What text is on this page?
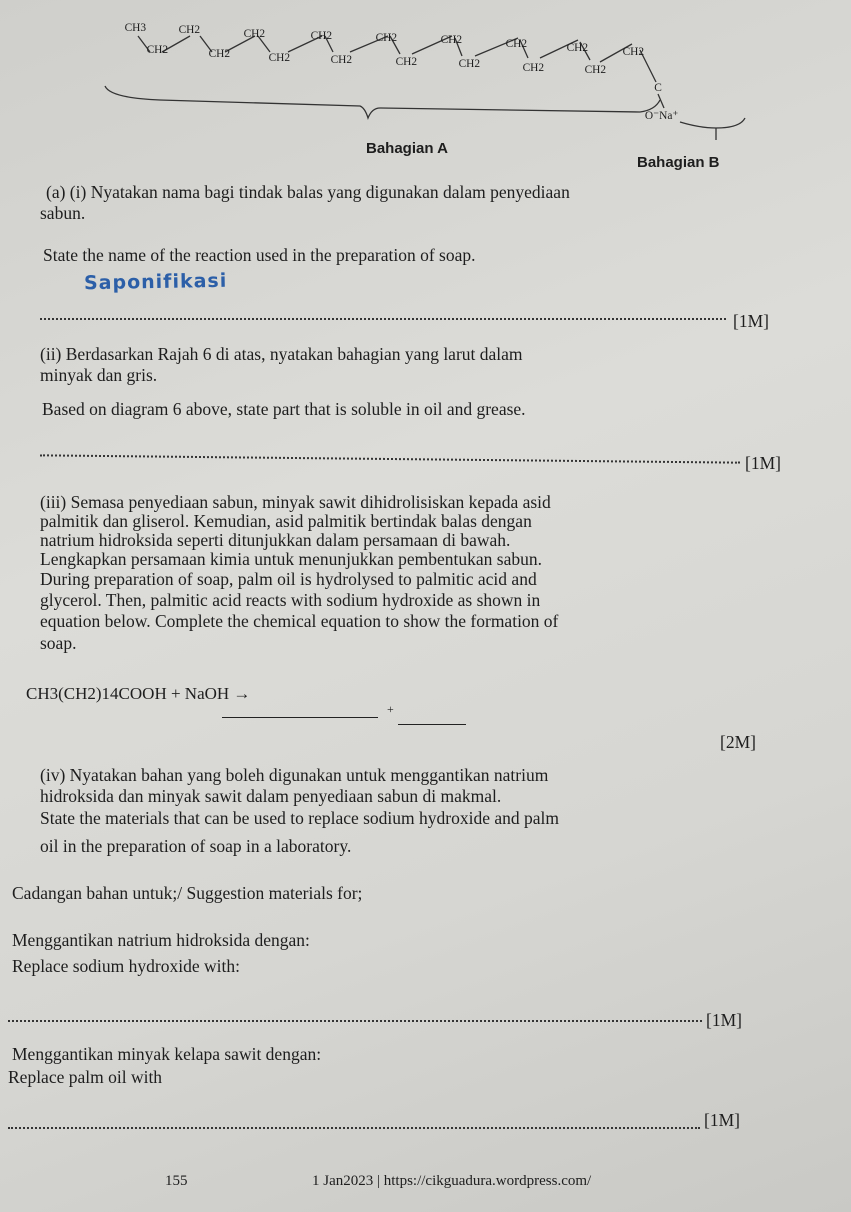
CH3	CH2	CH2	CH2	CH2	CH2	CH2	CH2	CH2
CH2	CH2	CH2	CH2	CH2	CH2	CH2	CH2
C
O⁻Na⁺
Bahagian A
Bahagian B
(a) (i) Nyatakan nama bagi tindak balas yang digunakan dalam penyediaan
sabun.
State the name of the reaction used in the preparation of soap.
Saponifikasi
[1M]
(ii) Berdasarkan Rajah 6 di atas, nyatakan bahagian yang larut dalam
minyak dan gris.
Based on diagram 6 above, state part that is soluble in oil and grease.
[1M]
(iii) Semasa penyediaan sabun, minyak sawit dihidrolisiskan kepada asid
palmitik dan gliserol. Kemudian, asid palmitik bertindak balas dengan
natrium hidroksida seperti ditunjukkan dalam persamaan di bawah.
Lengkapkan persamaan kimia untuk menunjukkan pembentukan sabun.
During preparation of soap, palm oil is hydrolysed to palmitic acid and
glycerol. Then, palmitic acid reacts with sodium hydroxide as shown in
equation below. Complete the chemical equation to show the formation of
soap.
CH3(CH2)14COOH + NaOH →
+
[2M]
(iv) Nyatakan bahan yang boleh digunakan untuk menggantikan natrium
hidroksida dan minyak sawit dalam penyediaan sabun di makmal.
State the materials that can be used to replace sodium hydroxide and palm
oil in the preparation of soap in a laboratory.
Cadangan bahan untuk;/ Suggestion materials for;
Menggantikan natrium hidroksida dengan:
Replace sodium hydroxide with:
[1M]
Menggantikan minyak kelapa sawit dengan:
Replace palm oil with
[1M]
155	1 Jan2023 | https://cikguadura.wordpress.com/
